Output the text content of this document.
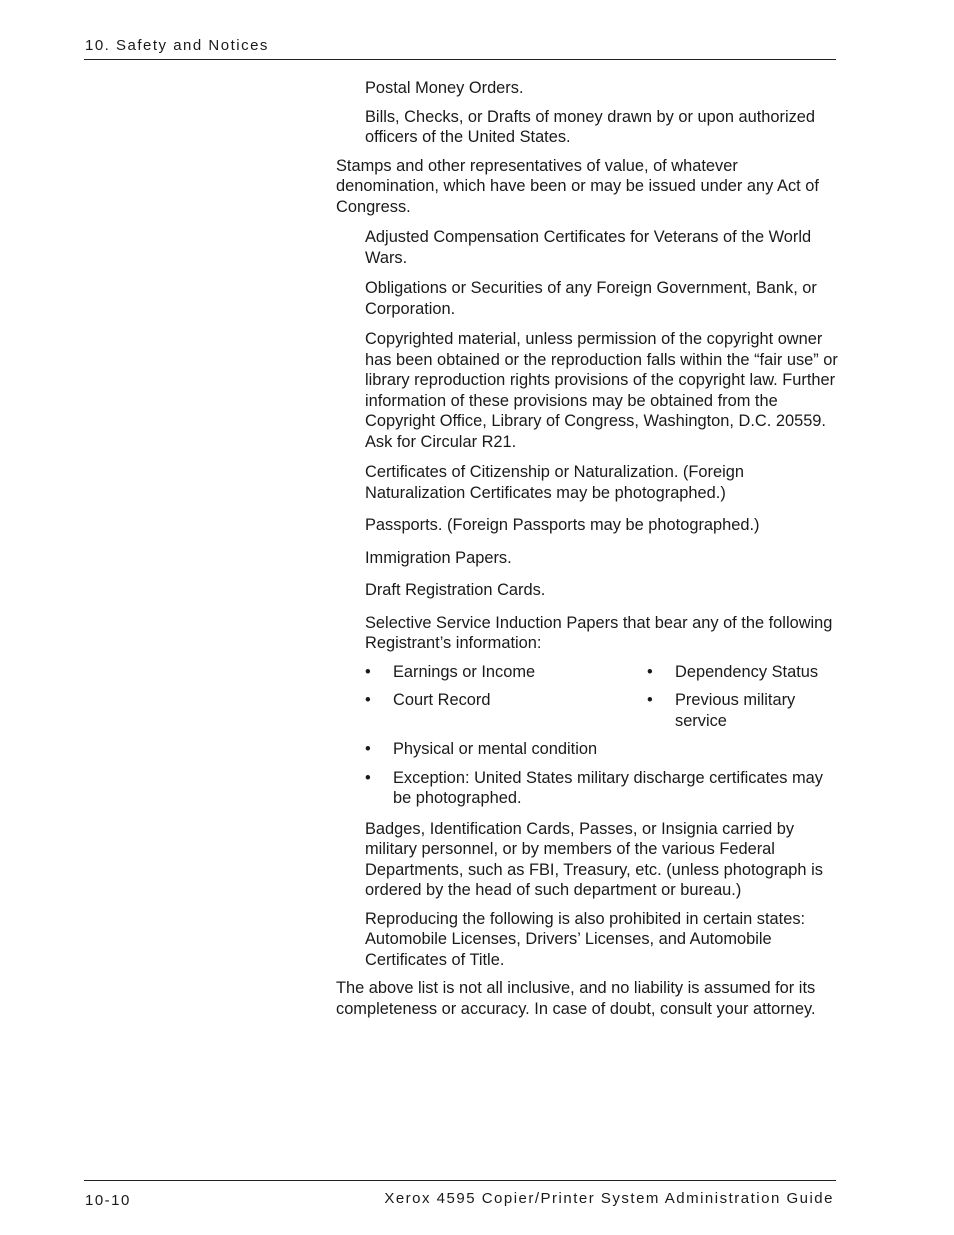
10. Safety and Notices

Postal Money Orders.

Bills, Checks, or Drafts of money drawn by or upon authorized officers of the United States.

Stamps and other representatives of value, of whatever denomination, which have been or may be issued under any Act of Congress.

Adjusted Compensation Certificates for Veterans of the World Wars.

Obligations or Securities of any Foreign Government, Bank, or Corporation.

Copyrighted material, unless permission of the copyright owner has been obtained or the reproduction falls within the “fair use” or library reproduction rights provisions of the copyright law. Further information of these provisions may be obtained from the Copyright Office, Library of Congress, Washington, D.C. 20559. Ask for Circular R21.

Certificates of Citizenship or Naturalization. (Foreign Naturalization Certificates may be photographed.)

Passports. (Foreign Passports may be photographed.)

Immigration Papers.

Draft Registration Cards.

Selective Service Induction Papers that bear any of the following Registrant’s information:

•	Earnings or Income	•	Dependency Status
•	Court Record	•	Previous military service
•	Physical or mental condition
•	Exception: United States military discharge certificates may be photographed.

Badges, Identification Cards, Passes, or Insignia carried by military personnel, or by members of the various Federal Departments, such as FBI, Treasury, etc. (unless photograph is ordered by the head of such department or bureau.)

Reproducing the following is also prohibited in certain states: Automobile Licenses, Drivers’ Licenses, and Automobile Certificates of Title.

The above list is not all inclusive, and no liability is assumed for its completeness or accuracy. In case of doubt, consult your attorney.

10-10	Xerox 4595 Copier/Printer System Administration Guide
